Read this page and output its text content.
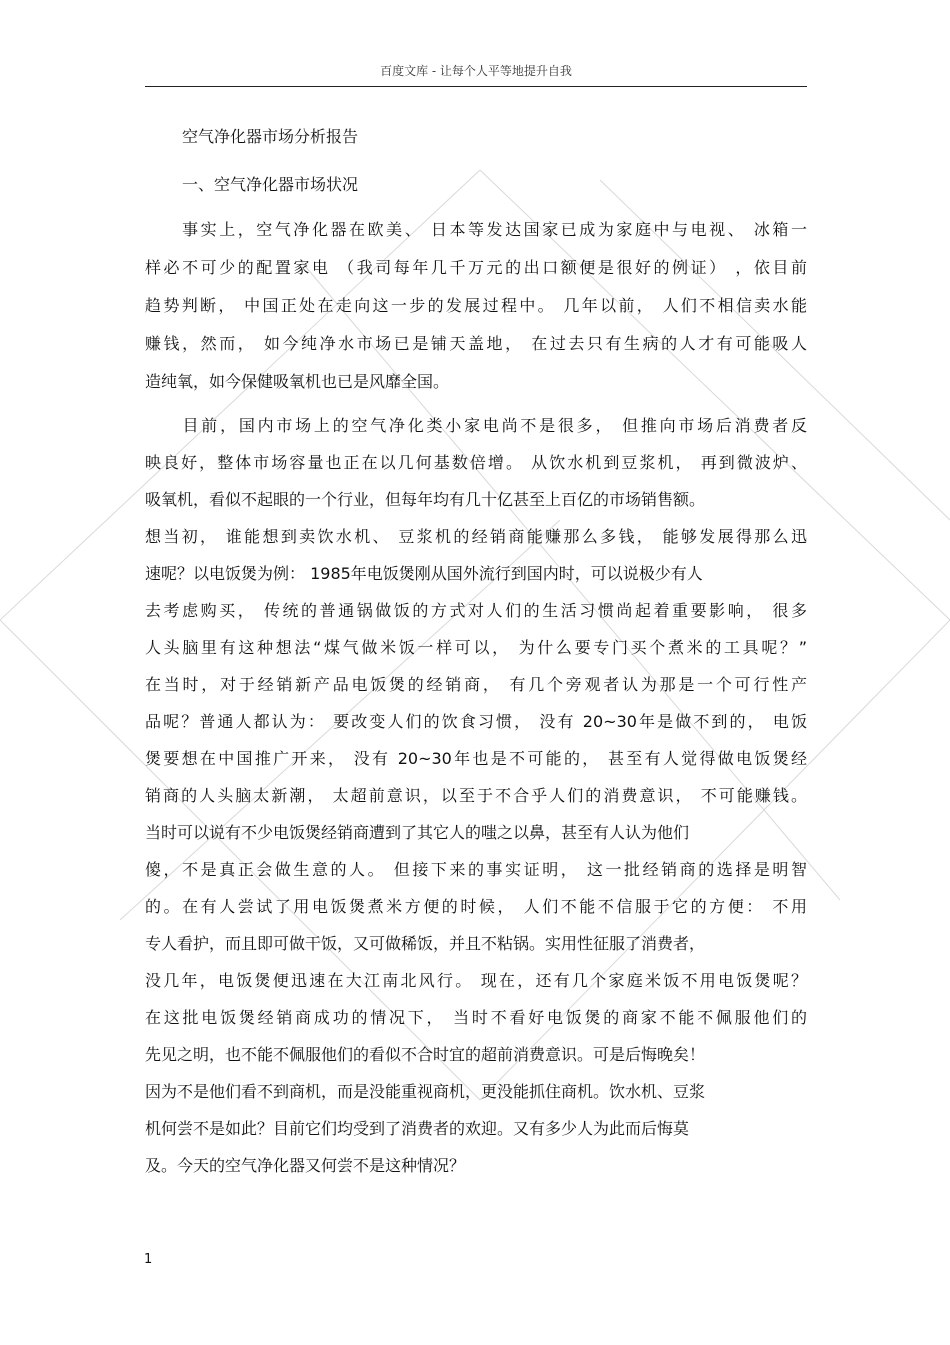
百度文库 - 让每个人平等地提升自我
空气净化器市场分析报告
一、空气净化器市场状况
　　事实上，空气净化器在欧美、 日本等发达国家已成为家庭中与电视、 冰箱一
样必不可少的配置家电 （我司每年几千万元的出口额便是很好的例证） ，依目前
趋势判断， 中国正处在走向这一步的发展过程中。 几年以前， 人们不相信卖水能
赚钱，然而， 如今纯净水市场已是铺天盖地， 在过去只有生病的人才有可能吸人
造纯氧，如今保健吸氧机也已是风靡全国。
　　目前，国内市场上的空气净化类小家电尚不是很多， 但推向市场后消费者反
映良好，整体市场容量也正在以几何基数倍增。 从饮水机到豆浆机， 再到微波炉、
吸氧机，看似不起眼的一个行业，但每年均有几十亿甚至上百亿的市场销售额。
想当初， 谁能想到卖饮水机、 豆浆机的经销商能赚那么多钱， 能够发展得那么迅
速呢？以电饭煲为例： 1985年电饭煲刚从国外流行到国内时，可以说极少有人
去考虑购买， 传统的普通锅做饭的方式对人们的生活习惯尚起着重要影响， 很多
人头脑里有这种想法“煤气做米饭一样可以， 为什么要专门买个煮米的工具呢？”
在当时，对于经销新产品电饭煲的经销商， 有几个旁观者认为那是一个可行性产
品呢？普通人都认为： 要改变人们的饮食习惯， 没有 20~30年是做不到的， 电饭
煲要想在中国推广开来， 没有 20~30年也是不可能的， 甚至有人觉得做电饭煲经
销商的人头脑太新潮， 太超前意识，以至于不合乎人们的消费意识， 不可能赚钱。
当时可以说有不少电饭煲经销商遭到了其它人的嗤之以鼻，甚至有人认为他们
傻，不是真正会做生意的人。 但接下来的事实证明， 这一批经销商的选择是明智
的。在有人尝试了用电饭煲煮米方便的时候， 人们不能不信服于它的方便： 不用
专人看护，而且即可做干饭，又可做稀饭，并且不粘锅。实用性征服了消费者，
没几年，电饭煲便迅速在大江南北风行。 现在，还有几个家庭米饭不用电饭煲呢？
在这批电饭煲经销商成功的情况下， 当时不看好电饭煲的商家不能不佩服他们的
先见之明，也不能不佩服他们的看似不合时宜的超前消费意识。可是后悔晚矣！
因为不是他们看不到商机，而是没能重视商机，更没能抓住商机。饮水机、豆浆
机何尝不是如此？目前它们均受到了消费者的欢迎。又有多少人为此而后悔莫
及。今天的空气净化器又何尝不是这种情况？
1
